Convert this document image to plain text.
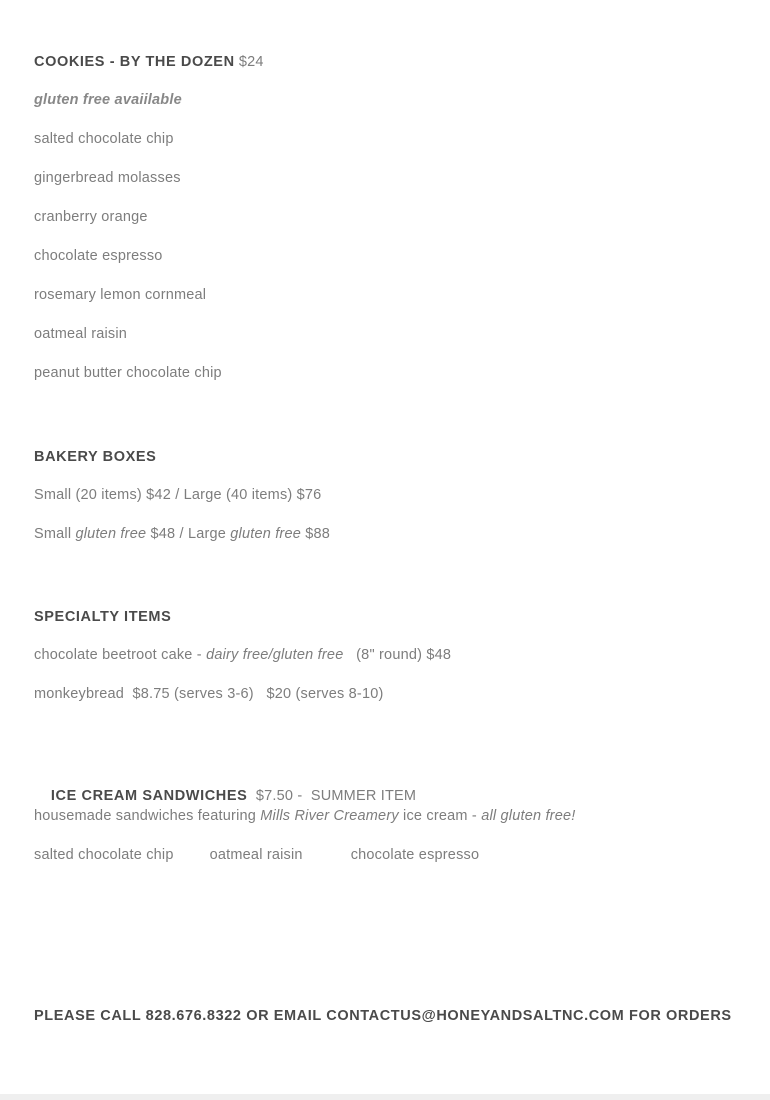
COOKIES - BY THE DOZEN $24
gluten free avaiilable
salted chocolate chip
gingerbread molasses
cranberry orange
chocolate espresso
rosemary lemon cornmeal
oatmeal raisin
peanut butter chocolate chip
BAKERY BOXES
Small (20 items) $42 / Large (40 items) $76
Small gluten free $48 / Large gluten free $88
SPECIALTY ITEMS
chocolate beetroot cake - dairy free/gluten free   (8" round) $48
monkeybread  $8.75 (serves 3-6)   $20 (serves 8-10)

ICE CREAM SANDWICHES  $7.50 -  SUMMER ITEM

housemade sandwiches featuring Mills River Creamery ice cream - all gluten free!
salted chocolate chip oatmeal raisin	chocolate espresso
PLEASE CALL 828.676.8322 OR EMAIL CONTACTUS@HONEYANDSALTNC.COM FOR ORDERS
